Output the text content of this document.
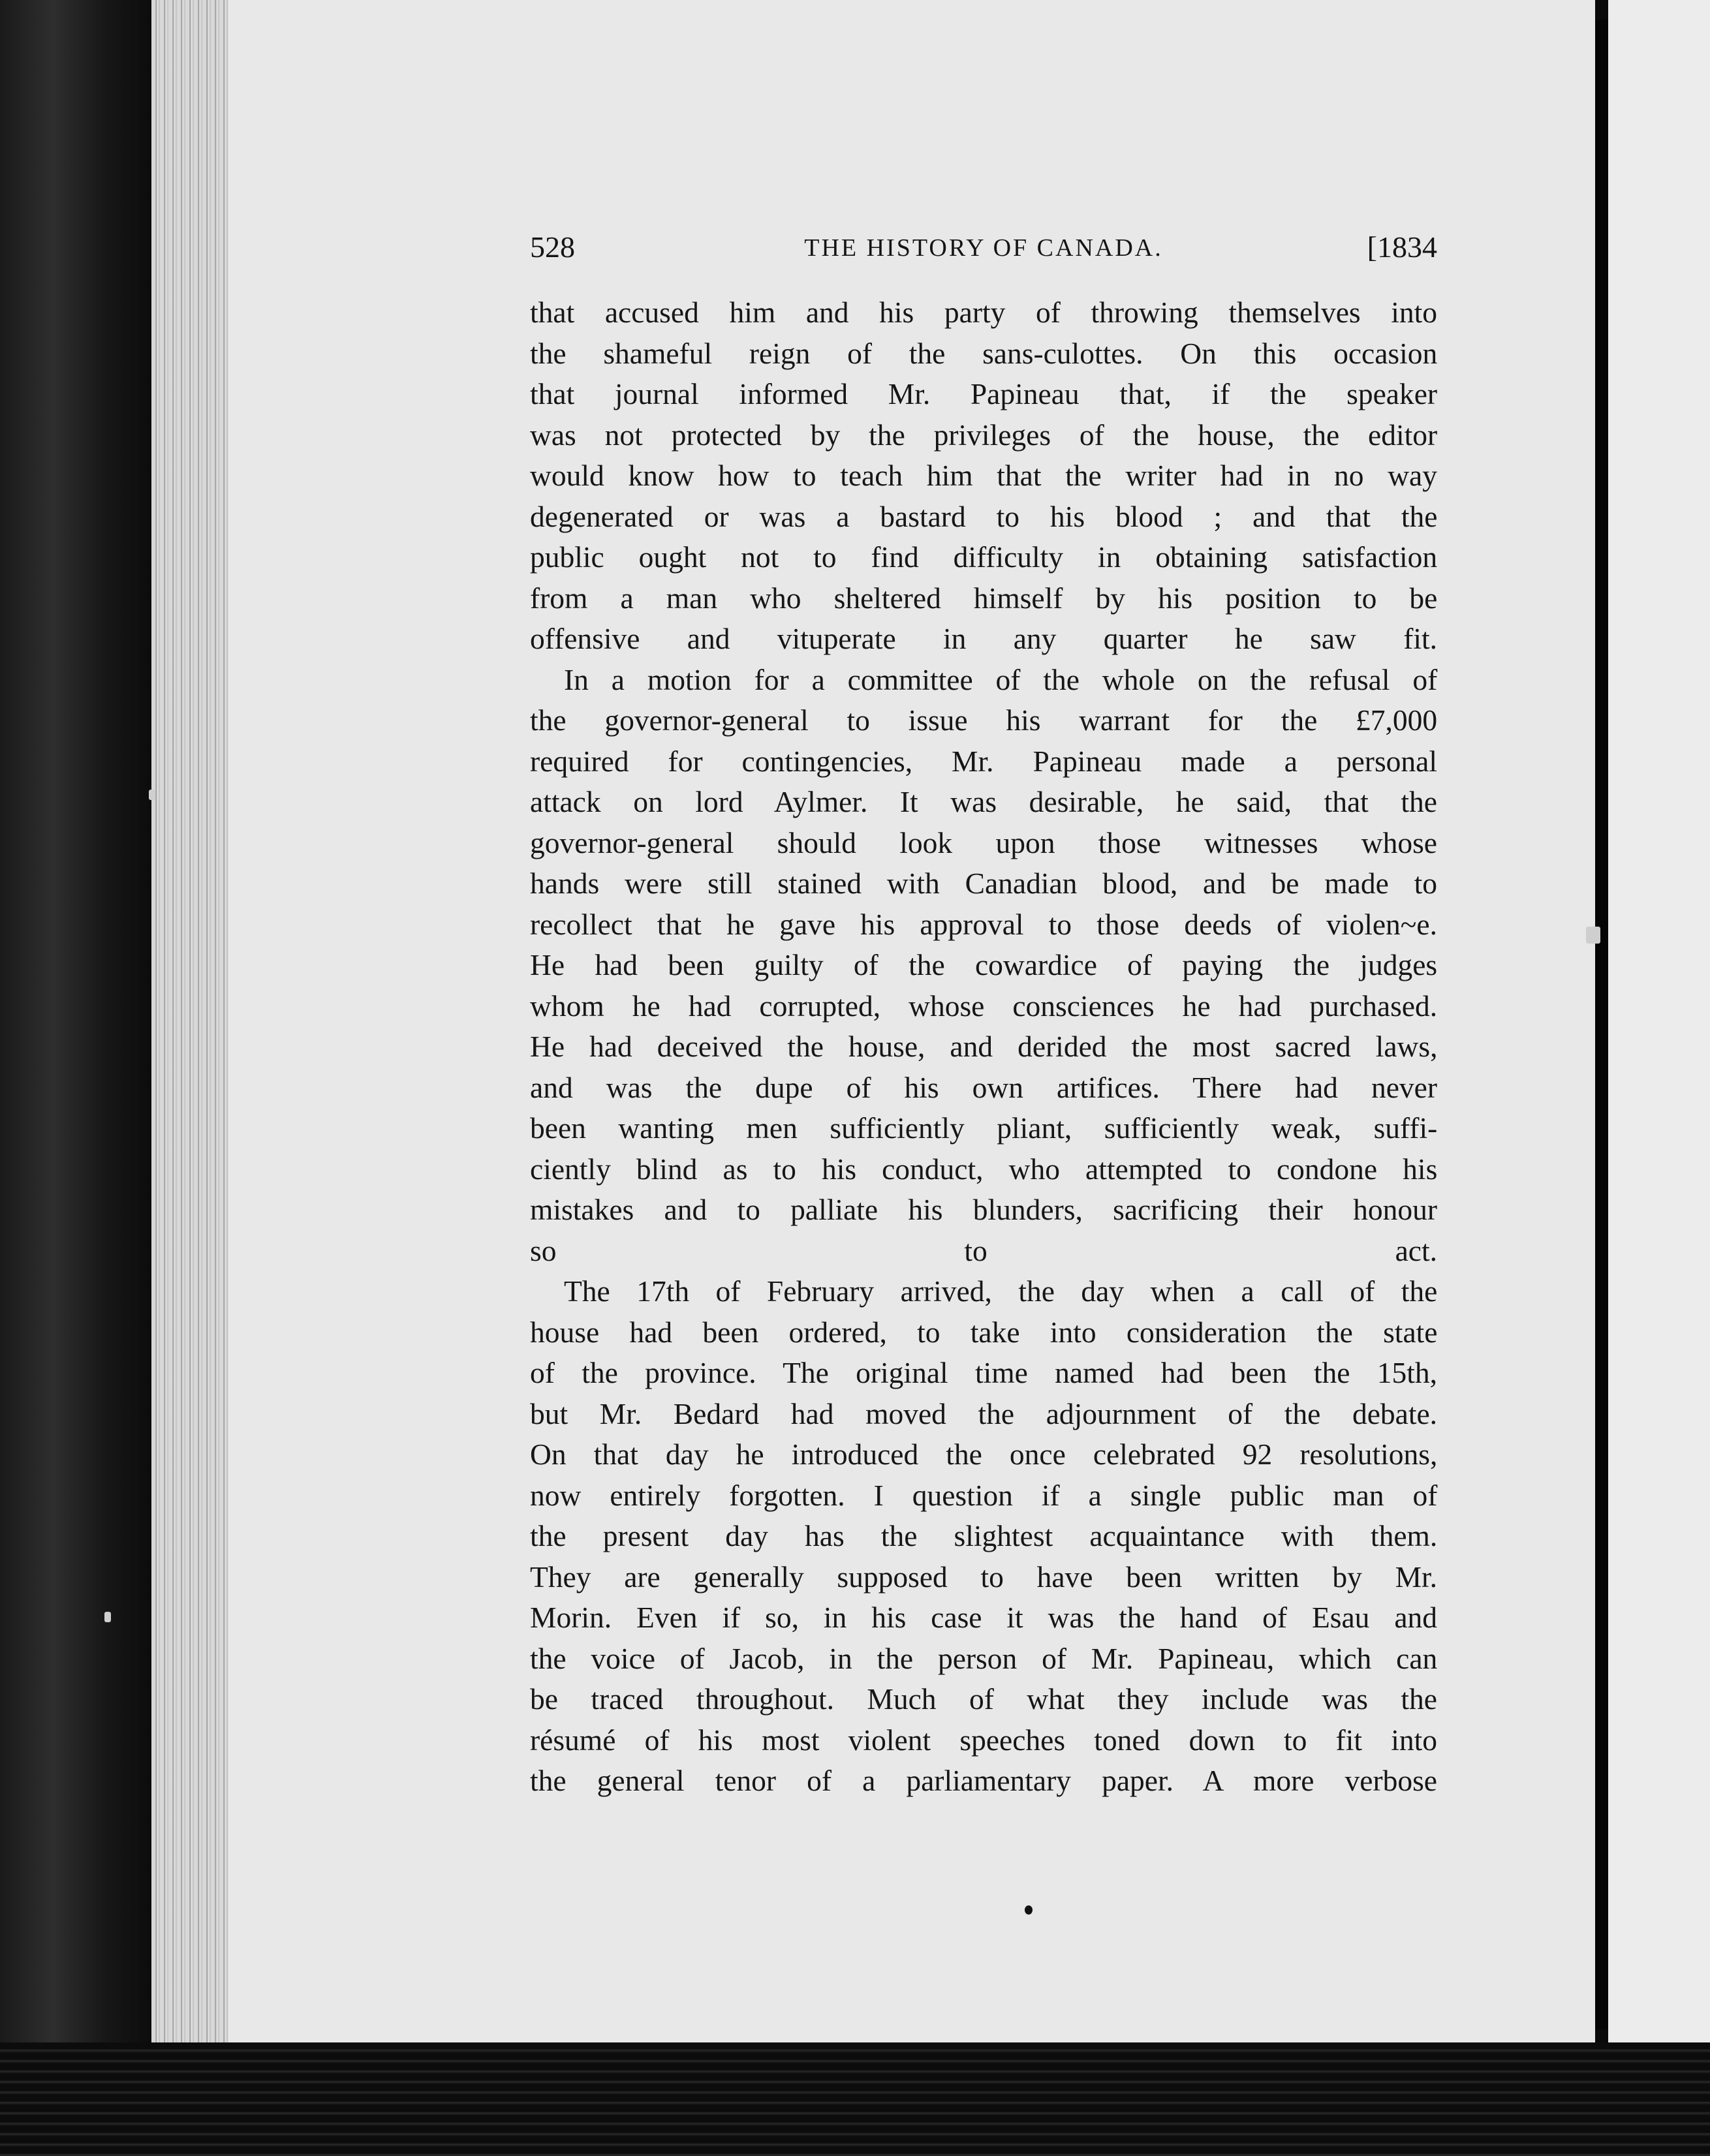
528	THE HISTORY OF CANADA.	[1834
that accused him and his party of throwing themselves into
the shameful reign of the sans-culottes. On this occasion
that journal informed Mr. Papineau that, if the speaker
was not protected by the privileges of the house, the editor
would know how to teach him that the writer had in no way
degenerated or was a bastard to his blood ; and that the
public ought not to find difficulty in obtaining satisfaction
from a man who sheltered himself by his position to be
offensive and vituperate in any quarter he saw fit.
In a motion for a committee of the whole on the refusal of
the governor-general to issue his warrant for the £7,000
required for contingencies, Mr. Papineau made a personal
attack on lord Aylmer. It was desirable, he said, that the
governor-general should look upon those witnesses whose
hands were still stained with Canadian blood, and be made to
recollect that he gave his approval to those deeds of violen~e.
He had been guilty of the cowardice of paying the judges
whom he had corrupted, whose consciences he had purchased.
He had deceived the house, and derided the most sacred laws,
and was the dupe of his own artifices. There had never
been wanting men sufficiently pliant, sufficiently weak, suffi-
ciently blind as to his conduct, who attempted to condone his
mistakes and to palliate his blunders, sacrificing their honour
so to act.
The 17th of February arrived, the day when a call of the
house had been ordered, to take into consideration the state
of the province. The original time named had been the 15th,
but Mr. Bedard had moved the adjournment of the debate.
On that day he introduced the once celebrated 92 resolutions,
now entirely forgotten. I question if a single public man of
the present day has the slightest acquaintance with them.
They are generally supposed to have been written by Mr.
Morin. Even if so, in his case it was the hand of Esau and
the voice of Jacob, in the person of Mr. Papineau, which can
be traced throughout. Much of what they include was the
résumé of his most violent speeches toned down to fit into
the general tenor of a parliamentary paper. A more verbose
